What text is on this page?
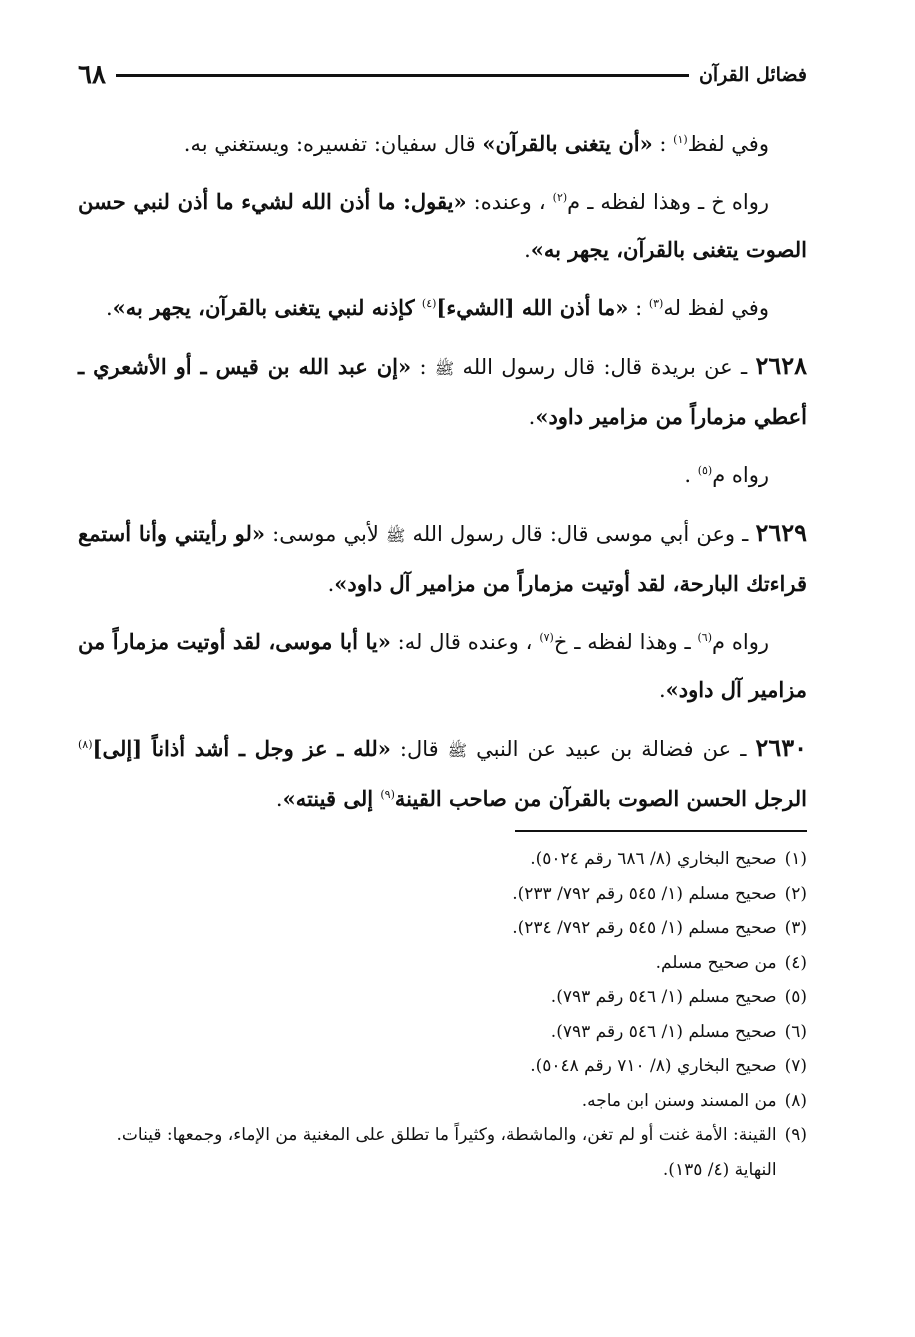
فضائل القرآن
٦٨

وفي لفظ$^{(١)}$ : «أن يتغنى بالقرآن» قال سفيان: تفسيره: ويستغني به.

رواه خ ـ وهذا لفظه ـ م$^{(٢)}$ ، وعنده: «يقول: ما أذن الله لشيء ما أذن لنبي حسن الصوت يتغنى بالقرآن، يجهر به».

وفي لفظ له$^{(٣)}$ : «ما أذن الله [الشيء]$^{(٤)}$ كإذنه لنبي يتغنى بالقرآن، يجهر به».

٢٦٢٨ ـ عن بريدة قال: قال رسول الله ﷺ : «إن عبد الله بن قيس ـ أو الأشعري ـ أعطي مزماراً من مزامير داود».

رواه م$^{(٥)}$ .

٢٦٢٩ ـ وعن أبي موسى قال: قال رسول الله ﷺ لأبي موسى: «لو رأيتني وأنا أستمع قراءتك البارحة، لقد أوتيت مزماراً من مزامير آل داود».

رواه م$^{(٦)}$ ـ وهذا لفظه ـ خ$^{(٧)}$ ، وعنده قال له: «يا أبا موسى، لقد أوتيت مزماراً من مزامير آل داود».

٢٦٣٠ ـ عن فضالة بن عبيد عن النبي ﷺ قال: «لله ـ عز وجل ـ أشد أذاناً [إلى]$^{(٨)}$ الرجل الحسن الصوت بالقرآن من صاحب القينة$^{(٩)}$ إلى قينته».

(١)
صحيح البخاري (٨/ ٦٨٦ رقم ٥٠٢٤).
(٢)
صحيح مسلم (١/ ٥٤٥ رقم ٧٩٢/ ٢٣٣).
(٣)
صحيح مسلم (١/ ٥٤٥ رقم ٧٩٢/ ٢٣٤).
(٤)
من صحيح مسلم.
(٥)
صحيح مسلم (١/ ٥٤٦ رقم ٧٩٣).
(٦)
صحيح مسلم (١/ ٥٤٦ رقم ٧٩٣).
(٧)
صحيح البخاري (٨/ ٧١٠ رقم ٥٠٤٨).
(٨)
من المسند وسنن ابن ماجه.
(٩)
القينة: الأمة غنت أو لم تغن، والماشطة، وكثيراً ما تطلق على المغنية من الإماء، وجمعها: قينات. النهاية (٤/ ١٣٥).
